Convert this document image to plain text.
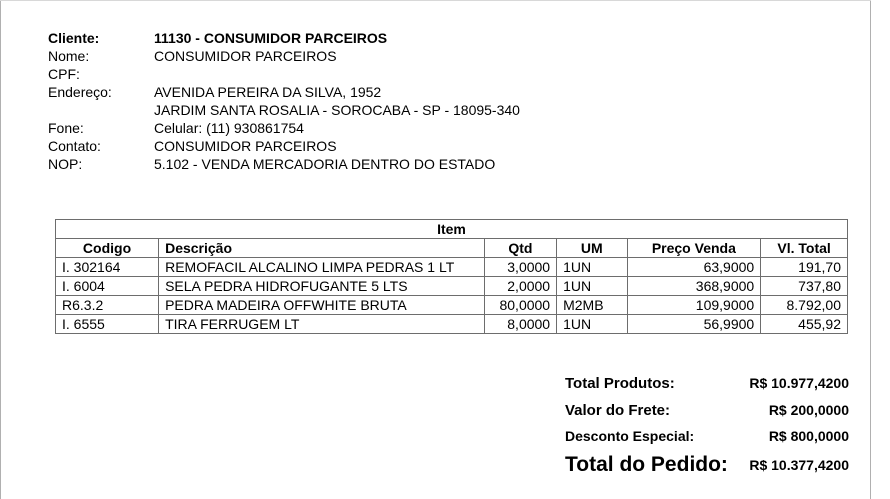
Cliente:	11130 - CONSUMIDOR PARCEIROS
Nome:	CONSUMIDOR PARCEIROS
CPF:
Endereço:	AVENIDA PEREIRA DA SILVA, 1952
JARDIM SANTA ROSALIA - SOROCABA - SP - 18095-340
Fone:	Celular: (11) 930861754
Contato:	CONSUMIDOR PARCEIROS
NOP:	5.102 - VENDA MERCADORIA DENTRO DO ESTADO
Item					
Codigo	Descrição	Qtd	UM	Preço Venda	Vl. Total
I. 302164	REMOFACIL ALCALINO LIMPA PEDRAS 1 LT	3,0000	1UN	63,9000	191,70
I. 6004	SELA PEDRA HIDROFUGANTE 5 LTS	2,0000	1UN	368,9000	737,80
R6.3.2	PEDRA MADEIRA OFFWHITE BRUTA	80,0000	M2MB	109,9000	8.792,00
I. 6555	TIRA FERRUGEM LT	8,0000	1UN	56,9900	455,92
Total Produtos:	R$ 10.977,4200
Valor do Frete:	R$ 200,0000
Desconto Especial:	R$ 800,0000
Total do Pedido: R$ 10.377,4200
